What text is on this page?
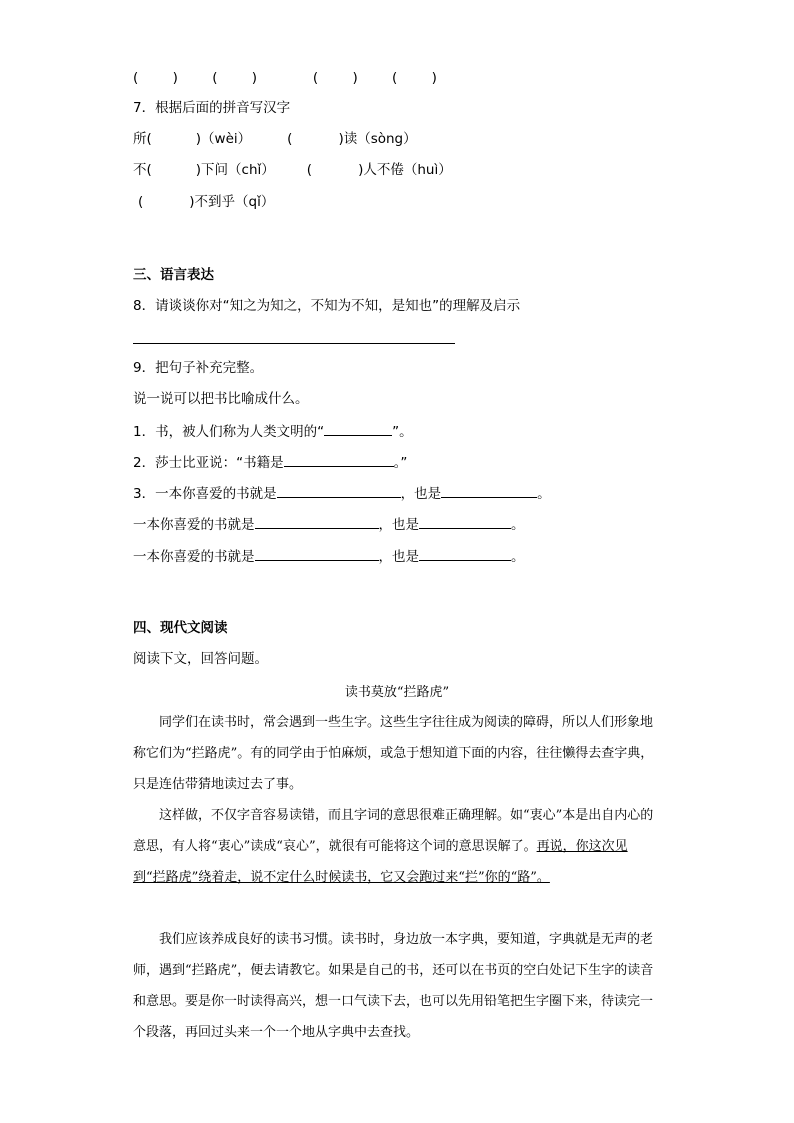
(        )        (        )             (        )        (        )
7．根据后面的拼音写汉字
所(	)（wèi）	(	)读（sòng）
不(	)下问（chǐ） (	)人不倦（huì）
(	)不到乎（qǐ）
三、语言表达
8．请谈谈你对“知之为知之，不知为不知，是知也”的理解及启示
9．把句子补充完整。
说一说可以把书比喻成什么。
1．书，被人们称为人类文明的“	”。
2．莎士比亚说：“书籍是	。”
3．一本你喜爱的书就是	，也是	。
一本你喜爱的书就是	，也是	。
一本你喜爱的书就是	，也是	。
四、现代文阅读
阅读下文，回答问题。
读书莫放“拦路虎”
同学们在读书时，常会遇到一些生字。这些生字往往成为阅读的障碍，所以人们形象地称它们为“拦路虎”。有的同学由于怕麻烦，或急于想知道下面的内容，往往懒得去查字典，只是连估带猜地读过去了事。
这样做，不仅字音容易读错，而且字词的意思很难正确理解。如“衷心”本是出自内心的意思，有人将“衷心”读成“哀心”，就很有可能将这个词的意思误解了。再说，你这次见到“拦路虎”绕着走，说不定什么时候读书，它又会跑过来“拦”你的“路”。
我们应该养成良好的读书习惯。读书时，身边放一本字典，要知道，字典就是无声的老师，遇到“拦路虎”，便去请教它。如果是自己的书，还可以在书页的空白处记下生字的读音和意思。要是你一时读得高兴，想一口气读下去，也可以先用铅笔把生字圈下来，待读完一个段落，再回过头来一个一个地从字典中去查找。
